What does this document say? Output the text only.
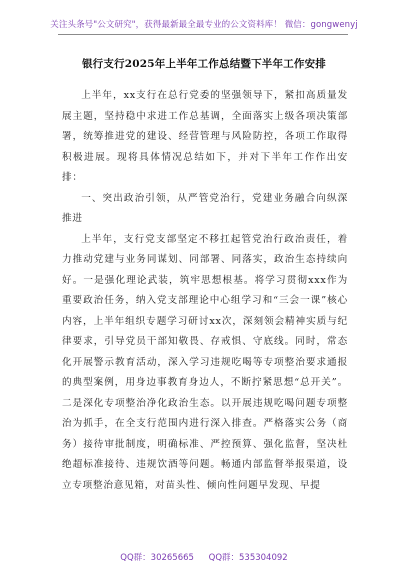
关注头条号"公文研究"，获得最新最全最专业的公文资料库！ 微信：gongwenyj
银行支行2025年上半年工作总结暨下半年工作安排

上半年，xx支行在总行党委的坚强领导下，紧扣高质量发展主题，坚持稳中求进工作总基调，全面落实上级各项决策部署，统筹推进党的建设、经营管理与风险防控，各项工作取得积极进展。现将具体情况总结如下，并对下半年工作作出安排：

一、突出政治引领，从严管党治行，党建业务融合向纵深推进

上半年，支行党支部坚定不移扛起管党治行政治责任，着力推动党建与业务同谋划、同部署、同落实，政治生态持续向好。一是强化理论武装，筑牢思想根基。将学习贯彻xxx作为重要政治任务，纳入党支部理论中心组学习和“三会一课”核心内容，上半年组织专题学习研讨xx次，深刻领会精神实质与纪律要求，引导党员干部知敬畏、存戒惧、守底线。同时，常态化开展警示教育活动，深入学习违规吃喝等专项整治要求通报的典型案例，用身边事教育身边人，不断拧紧思想“总开关”。二是深化专项整治净化政治生态。以开展违规吃喝问题专项整治为抓手，在全支行范围内进行深入排查。严格落实公务（商务）接待审批制度，明确标准、严控预算、强化监督，坚决杜绝超标准接待、违规饮酒等问题。畅通内部监督举报渠道，设立专项整治意见箱，对苗头性、倾向性问题早发现、早提

QQ群：30265665 QQ群：535304092
